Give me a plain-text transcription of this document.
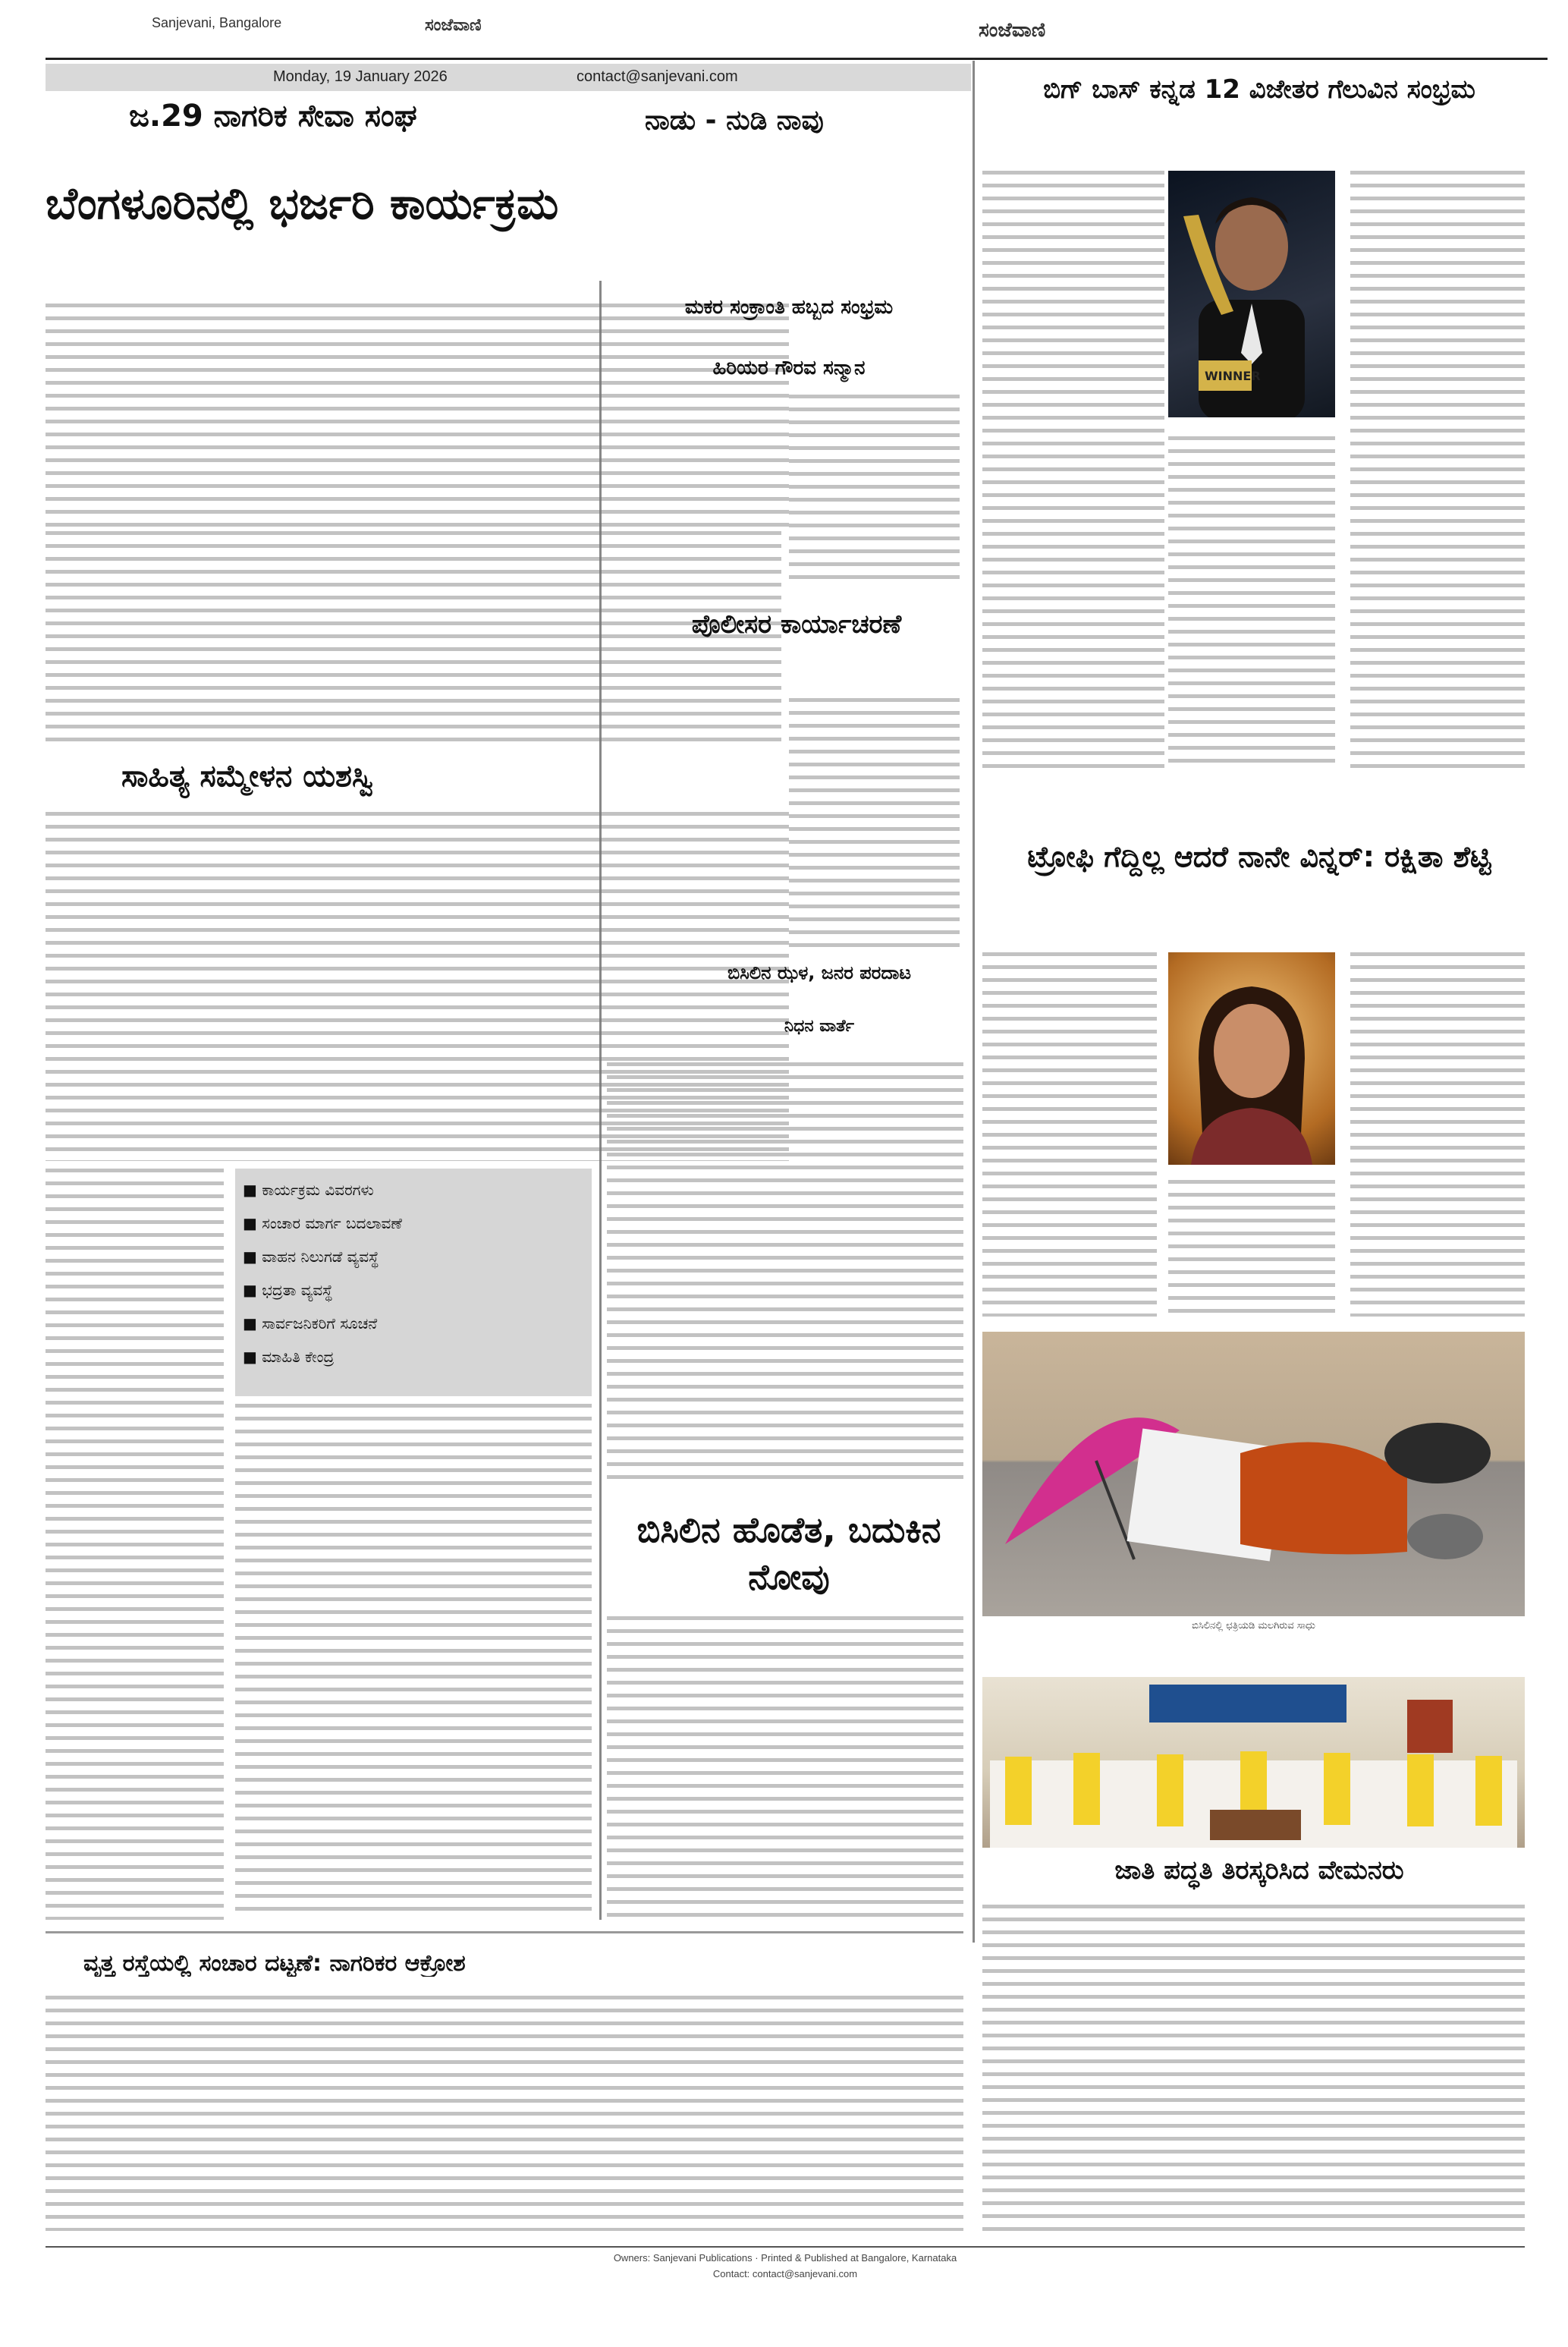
Sanjevani, Bangalore	ಸಂಜೆವಾಣಿ	ಸಂಜೆವಾಣಿ
Monday, 19 January 2026	contact@sanjevani.com
ಜ.29 ನಾಗರಿಕ ಸೇವಾ ಸಂಘ	ನಾಡು - ನುಡಿ ನಾವು
ಬೆಂಗಳೂರಿನಲ್ಲಿ ಭರ್ಜರಿ ಕಾರ್ಯಕ್ರಮ
ಸಾಹಿತ್ಯ ಸಮ್ಮೇಳನ ಯಶಸ್ವಿ
■ ಕಾರ್ಯಕ್ರಮ ವಿವರಗಳು
■ ಸಂಚಾರ ಮಾರ್ಗ ಬದಲಾವಣೆ
■ ವಾಹನ ನಿಲುಗಡೆ ವ್ಯವಸ್ಥೆ
■ ಭದ್ರತಾ ವ್ಯವಸ್ಥೆ
■ ಸಾರ್ವಜನಿಕರಿಗೆ ಸೂಚನೆ
■ ಮಾಹಿತಿ ಕೇಂದ್ರ
ಮಕರ ಸಂಕ್ರಾಂತಿ ಹಬ್ಬದ ಸಂಭ್ರಮ
ಹಿರಿಯರ ಗೌರವ ಸನ್ಮಾನ
ಪೊಲೀಸರ ಕಾರ್ಯಾಚರಣೆ
ಬಿಸಿಲಿನ ಝಳ, ಜನರ ಪರದಾಟ
ನಿಧನ ವಾರ್ತೆ
ಬಿಸಿಲಿನ ಹೊಡೆತ, ಬದುಕಿನ ನೋವು
ವೃತ್ತ ರಸ್ತೆಯಲ್ಲಿ ಸಂಚಾರ ದಟ್ಟಣೆ: ನಾಗರಿಕರ ಆಕ್ರೋಶ
ಬಿಗ್ ಬಾಸ್ ಕನ್ನಡ 12 ವಿಜೇತರ ಗೆಲುವಿನ ಸಂಭ್ರಮ
WINNER
ಟ್ರೋಫಿ ಗೆದ್ದಿಲ್ಲ ಆದರೆ ನಾನೇ ವಿನ್ನರ್: ರಕ್ಷಿತಾ ಶೆಟ್ಟಿ
ಬಿಸಿಲಿನಲ್ಲಿ ಛತ್ರಿಯಡಿ ಮಲಗಿರುವ ಸಾಧು
ಜಾತಿ ಪದ್ಧತಿ ತಿರಸ್ಕರಿಸಿದ ವೇಮನರು
Owners: Sanjevani Publications · Printed & Published at Bangalore, Karnataka
Contact: contact@sanjevani.com
